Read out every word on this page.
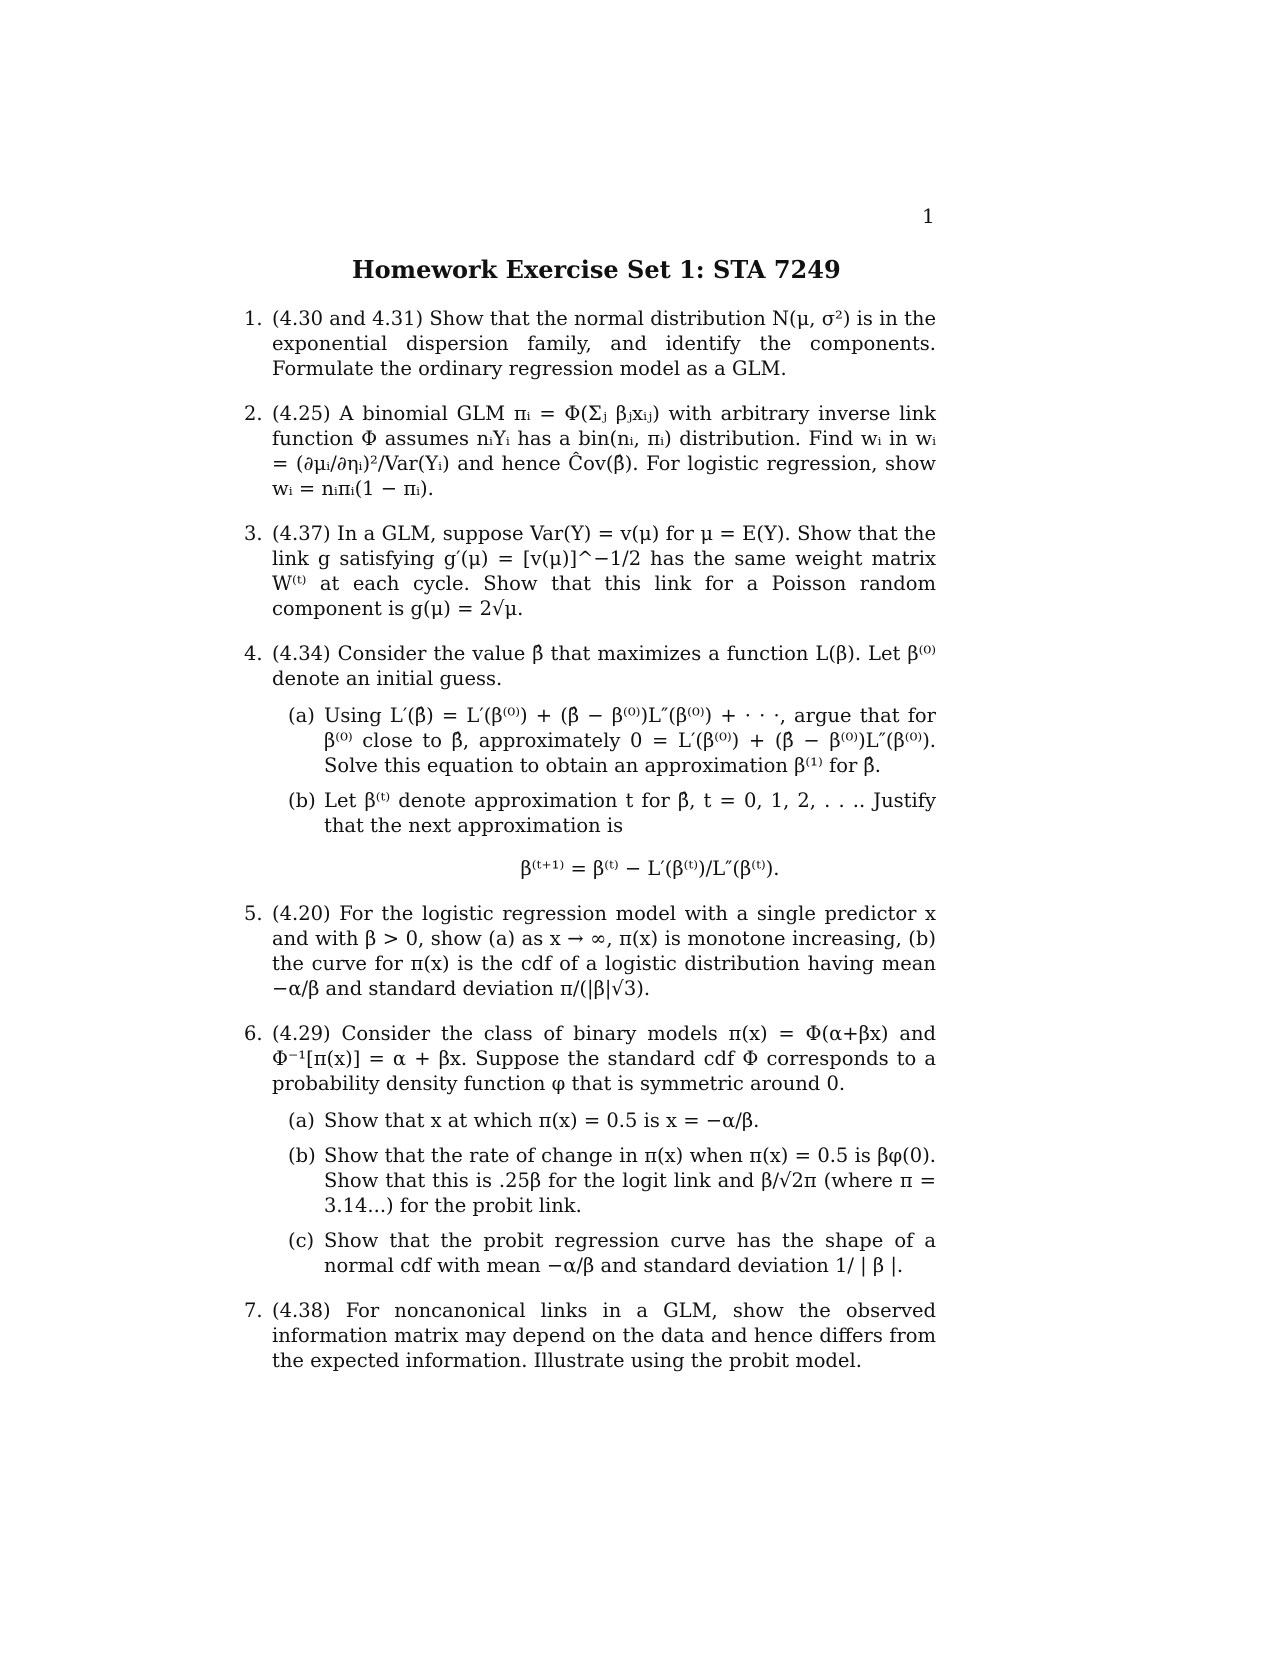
1
Homework Exercise Set 1: STA 7249
1. (4.30 and 4.31) Show that the normal distribution N(μ, σ²) is in the exponential dispersion family, and identify the components. Formulate the ordinary regression model as a GLM.
2. (4.25) A binomial GLM πᵢ = Φ(Σⱼ βⱼxᵢⱼ) with arbitrary inverse link function Φ assumes nᵢYᵢ has a bin(nᵢ, πᵢ) distribution. Find wᵢ in wᵢ = (∂μᵢ/∂ηᵢ)²/Var(Yᵢ) and hence Ĉov(β̂). For logistic regression, show wᵢ = nᵢπᵢ(1 − πᵢ).
3. (4.37) In a GLM, suppose Var(Y) = v(μ) for μ = E(Y). Show that the link g satisfying g′(μ) = [v(μ)]^−1/2 has the same weight matrix W⁽ᵗ⁾ at each cycle. Show that this link for a Poisson random component is g(μ) = 2√μ.
4. (4.34) Consider the value β̂ that maximizes a function L(β). Let β⁽⁰⁾ denote an initial guess.
(a) Using L′(β̂) = L′(β⁽⁰⁾) + (β̂ − β⁽⁰⁾)L″(β⁽⁰⁾) + · · ·, argue that for β⁽⁰⁾ close to β̂, approximately 0 = L′(β⁽⁰⁾) + (β̂ − β⁽⁰⁾)L″(β⁽⁰⁾). Solve this equation to obtain an approximation β⁽¹⁾ for β̂.
(b) Let β⁽ᵗ⁾ denote approximation t for β̂, t = 0, 1, 2, . . .. Justify that the next approximation is
β⁽ᵗ⁺¹⁾ = β⁽ᵗ⁾ − L′(β⁽ᵗ⁾)/L″(β⁽ᵗ⁾).
5. (4.20) For the logistic regression model with a single predictor x and with β > 0, show (a) as x → ∞, π(x) is monotone increasing, (b) the curve for π(x) is the cdf of a logistic distribution having mean −α/β and standard deviation π/(|β|√3).
6. (4.29) Consider the class of binary models π(x) = Φ(α+βx) and Φ⁻¹[π(x)] = α + βx. Suppose the standard cdf Φ corresponds to a probability density function φ that is symmetric around 0.
(a) Show that x at which π(x) = 0.5 is x = −α/β.
(b) Show that the rate of change in π(x) when π(x) = 0.5 is βφ(0). Show that this is .25β for the logit link and β/√2π (where π = 3.14...) for the probit link.
(c) Show that the probit regression curve has the shape of a normal cdf with mean −α/β and standard deviation 1/ | β |.
7. (4.38) For noncanonical links in a GLM, show the observed information matrix may depend on the data and hence differs from the expected information. Illustrate using the probit model.
